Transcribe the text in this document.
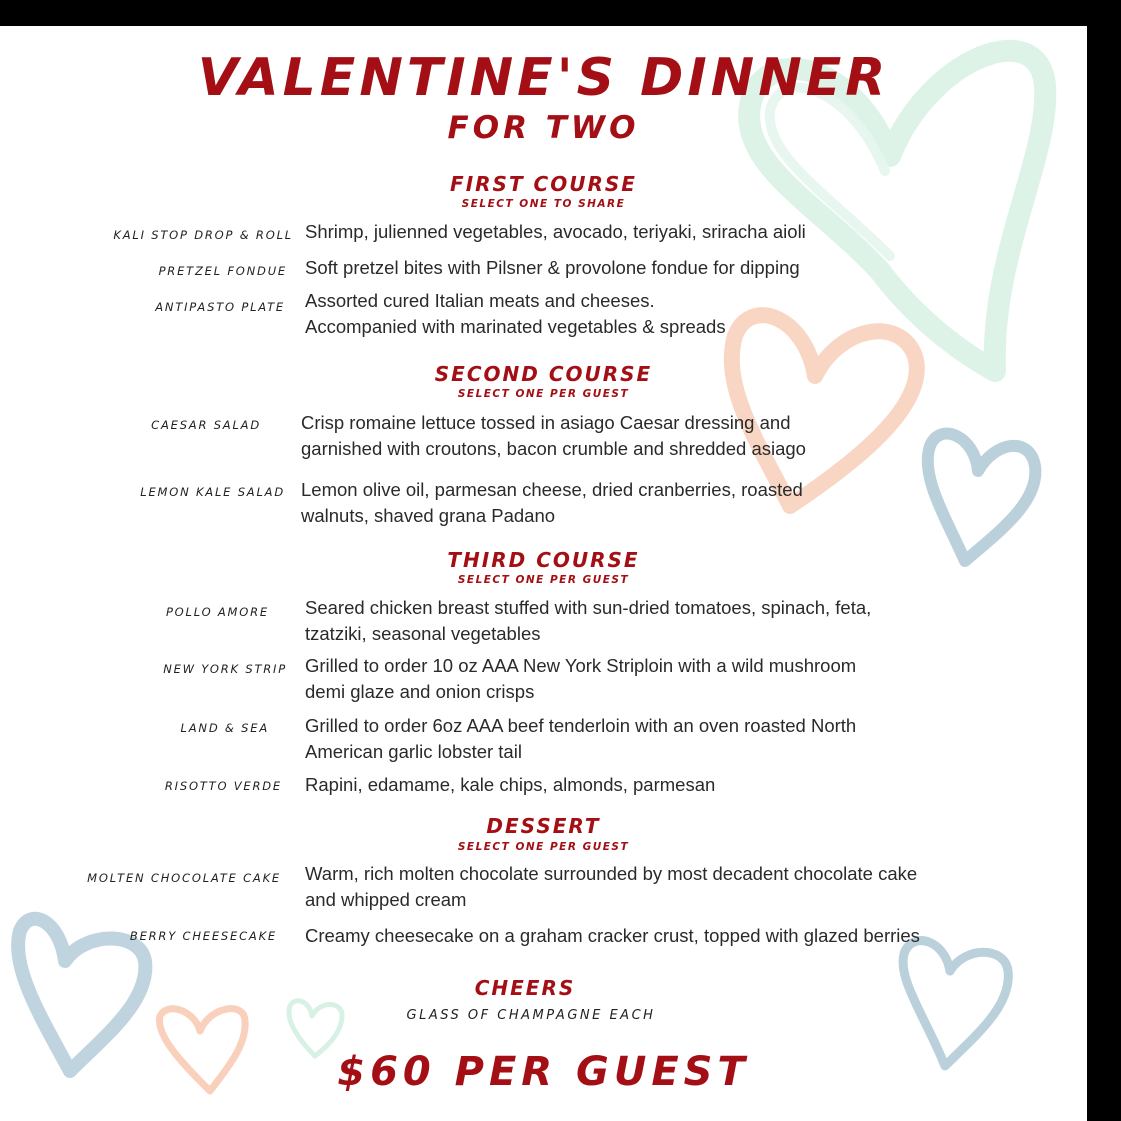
VALENTINE'S DINNER
FOR TWO
FIRST COURSE
SELECT ONE TO SHARE
KALI STOP DROP & ROLL Shrimp, julienned vegetables, avocado, teriyaki, sriracha aioli
PRETZEL FONDUE Soft pretzel bites with Pilsner & provolone fondue for dipping
ANTIPASTO PLATE Assorted cured Italian meats and cheeses.
Accompanied with marinated vegetables & spreads
SECOND COURSE
SELECT ONE PER GUEST
CAESAR SALAD Crisp romaine lettuce tossed in asiago Caesar dressing and
garnished with croutons, bacon crumble and shredded asiago
LEMON KALE SALAD Lemon olive oil, parmesan cheese, dried cranberries, roasted
walnuts, shaved grana Padano
THIRD COURSE
SELECT ONE PER GUEST
POLLO AMORE Seared chicken breast stuffed with sun-dried tomatoes, spinach, feta,
tzatziki, seasonal vegetables
NEW YORK STRIP Grilled to order 10 oz AAA New York Striploin with a wild mushroom
demi glaze and onion crisps
LAND & SEA Grilled to order 6oz AAA beef tenderloin with an oven roasted North
American garlic lobster tail
RISOTTO VERDE Rapini, edamame, kale chips, almonds, parmesan
DESSERT
SELECT ONE PER GUEST
MOLTEN CHOCOLATE CAKE Warm, rich molten chocolate surrounded by most decadent chocolate cake
and whipped cream
BERRY CHEESECAKE Creamy cheesecake on a graham cracker crust, topped with glazed berries
CHEERS
GLASS OF CHAMPAGNE EACH
$60 PER GUEST
